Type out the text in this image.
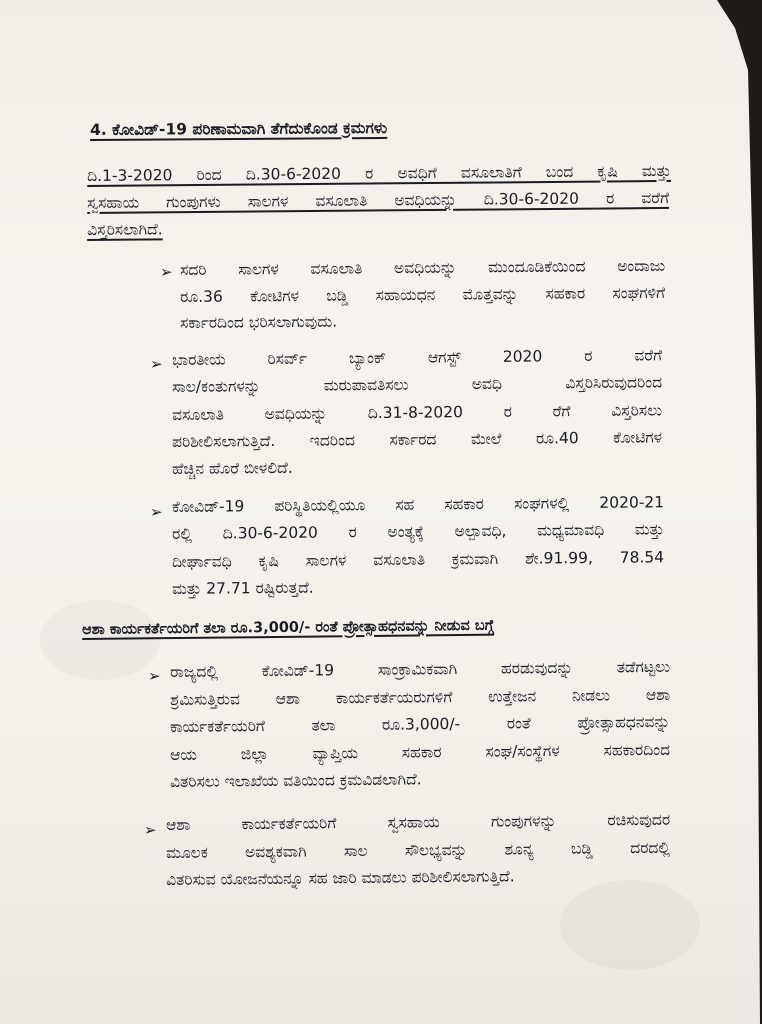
4. ಕೋವಿಡ್-19 ಪರಿಣಾಮವಾಗಿ ತೆಗೆದುಕೊಂಡ ಕ್ರಮಗಳು
ದಿ.1-3-2020 ರಿಂದ ದಿ.30-6-2020 ರ ಅವಧಿಗೆ ವಸೂಲಾತಿಗೆ ಬಂದ ಕೃಷಿ ಮತ್ತು
ಸ್ವಸಹಾಯ ಗುಂಪುಗಳು ಸಾಲಗಳ ವಸೂಲಾತಿ ಅವಧಿಯನ್ನು ದಿ.30-6-2020 ರ ವರೆಗೆ
ವಿಸ್ತರಿಸಲಾಗಿದೆ.
➢ ಸದರಿ ಸಾಲಗಳ ವಸೂಲಾತಿ ಅವಧಿಯನ್ನು ಮುಂದೂಡಿಕೆಯಿಂದ ಅಂದಾಜು
ರೂ.36 ಕೋಟಿಗಳ ಬಡ್ಡಿ ಸಹಾಯಧನ ಮೊತ್ತವನ್ನು ಸಹಕಾರ ಸಂಘಗಳಿಗೆ
ಸರ್ಕಾರದಿಂದ ಭರಿಸಲಾಗುವುದು.
➢ ಭಾರತೀಯ ರಿಸರ್ವ್ ಬ್ಯಾಂಕ್ ಆಗಸ್ಟ್ 2020 ರ ವರೆಗೆ
ಸಾಲ/ಕಂತುಗಳನ್ನು ಮರುಪಾವತಿಸಲು ಅವಧಿ ವಿಸ್ತರಿಸಿರುವುದರಿಂದ
ವಸೂಲಾತಿ ಅವಧಿಯನ್ನು ದಿ.31-8-2020 ರ ರೆಗೆ ವಿಸ್ತರಿಸಲು
ಪರಿಶೀಲಿಸಲಾಗುತ್ತಿದೆ. ಇದರಿಂದ ಸರ್ಕಾರದ ಮೇಲೆ ರೂ.40 ಕೋಟಿಗಳ
ಹೆಚ್ಚಿನ ಹೊರೆ ಬೀಳಲಿದೆ.
➢ ಕೋವಿಡ್-19 ಪರಿಸ್ಥಿತಿಯಲ್ಲಿಯೂ ಸಹ ಸಹಕಾರ ಸಂಘಗಳಲ್ಲಿ 2020-21
ರಲ್ಲಿ ದಿ.30-6-2020 ರ ಅಂತ್ಯಕ್ಕೆ ಅಲ್ಪಾವಧಿ, ಮಧ್ಯಮಾವಧಿ ಮತ್ತು
ದೀರ್ಘಾವಧಿ ಕೃಷಿ ಸಾಲಗಳ ವಸೂಲಾತಿ ಕ್ರಮವಾಗಿ ಶೇ.91.99, 78.54
ಮತ್ತು 27.71 ರಷ್ಟಿರುತ್ತದೆ.
ಆಶಾ ಕಾರ್ಯಕರ್ತೆಯರಿಗೆ ತಲಾ ರೂ.3,000/- ರಂತೆ ಪ್ರೋತ್ಸಾಹಧನವನ್ನು ನೀಡುವ ಬಗ್ಗೆ
➢ ರಾಜ್ಯದಲ್ಲಿ ಕೋವಿಡ್-19 ಸಾಂಕ್ರಾಮಿಕವಾಗಿ ಹರಡುವುದನ್ನು ತಡೆಗಟ್ಟಲು
ಶ್ರಮಿಸುತ್ತಿರುವ ಆಶಾ ಕಾರ್ಯಕರ್ತೆಯರುಗಳಿಗೆ ಉತ್ತೇಜನ ನೀಡಲು ಆಶಾ
ಕಾರ್ಯಕರ್ತೆಯರಿಗೆ ತಲಾ ರೂ.3,000/- ರಂತೆ ಪ್ರೋತ್ಸಾಹಧನವನ್ನು
ಆಯ ಜಿಲ್ಲಾ ವ್ಯಾಪ್ತಿಯ ಸಹಕಾರ ಸಂಘ/ಸಂಸ್ಥೆಗಳ ಸಹಕಾರದಿಂದ
ವಿತರಿಸಲು ಇಲಾಖೆಯ ವತಿಯಿಂದ ಕ್ರಮವಿಡಲಾಗಿದೆ.
➢ ಆಶಾ ಕಾರ್ಯಕರ್ತೆಯರಿಗೆ ಸ್ವಸಹಾಯ ಗುಂಪುಗಳನ್ನು ರಚಿಸುವುದರ
ಮೂಲಕ ಅವಶ್ಯಕವಾಗಿ ಸಾಲ ಸೌಲಭ್ಯವನ್ನು ಶೂನ್ಯ ಬಡ್ಡಿ ದರದಲ್ಲಿ
ವಿತರಿಸುವ ಯೋಜನೆಯನ್ನೂ ಸಹ ಜಾರಿ ಮಾಡಲು ಪರಿಶೀಲಿಸಲಾಗುತ್ತಿದೆ.
